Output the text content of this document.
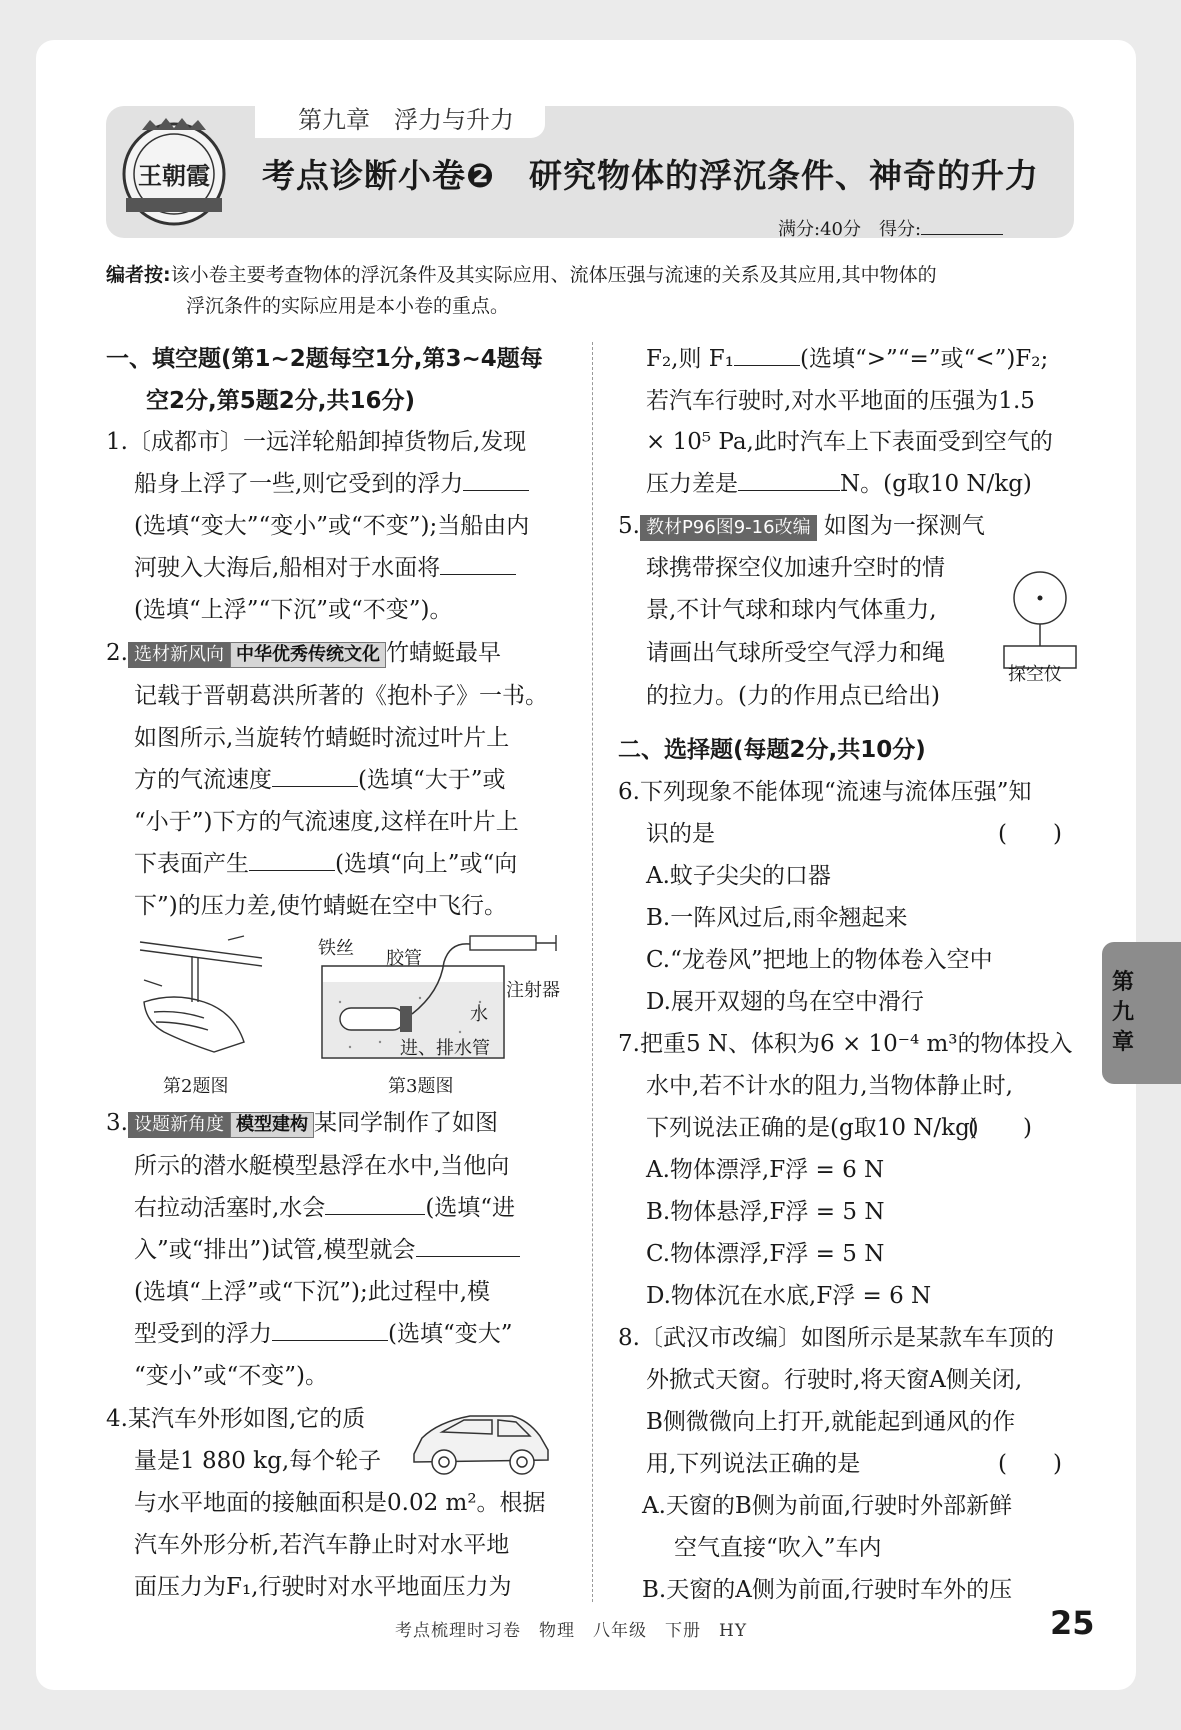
第九章　浮力与升力
王朝霞 考点诊断小卷❷　研究物体的浮沉条件、神奇的升力
满分:40分　得分:
编者按:该小卷主要考查物体的浮沉条件及其实际应用、流体压强与流速的关系及其应用,其中物体的
浮沉条件的实际应用是本小卷的重点。
一、填空题(第1~2题每空1分,第3~4题每
空2分,第5题2分,共16分)
1.〔成都市〕一远洋轮船卸掉货物后,发现
船身上浮了一些,则它受到的浮力
(选填“变大”“变小”或“不变”);当船由内
河驶入大海后,船相对于水面将
(选填“上浮”“下沉”或“不变”)。
2. 选材新风向 中华优秀传统文化 竹蜻蜓最早
记载于晋朝葛洪所著的《抱朴子》一书。
如图所示,当旋转竹蜻蜓时流过叶片上
方的气流速度	(选填“大于”或
“小于”)下方的气流速度,这样在叶片上
下表面产生	(选填“向上”或“向
下”)的压力差,使竹蜻蜓在空中飞行。
第2题图
铁丝 胶管
注射器
水
进、排水管
第3题图
3. 设题新角度 模型建构 某同学制作了如图
所示的潜水艇模型悬浮在水中,当他向
右拉动活塞时,水会	(选填“进
入”或“排出”)试管,模型就会
(选填“上浮”或“下沉”);此过程中,模
型受到的浮力	(选填“变大”
“变小”或“不变”)。
4.某汽车外形如图,它的质
量是1 880 kg,每个轮子
与水平地面的接触面积是0.02 m²。根据
汽车外形分析,若汽车静止时对水平地
面压力为F₁,行驶时对水平地面压力为
F₂,则 F₁	(选填“>”“=”或“<”)F₂;
若汽车行驶时,对水平地面的压强为1.5
× 10⁵ Pa,此时汽车上下表面受到空气的
压力差是	N。(g取10 N/kg)
5. 教材P96图9-16改编 如图为一探测气
球携带探空仪加速升空时的情
景,不计气球和球内气体重力,
请画出气球所受空气浮力和绳
的拉力。(力的作用点已给出)
探空仪
二、选择题(每题2分,共10分)
6.下列现象不能体现“流速与流体压强”知
识的是	(　　)
A.蚊子尖尖的口器
B.一阵风过后,雨伞翘起来
C.“龙卷风”把地上的物体卷入空中
D.展开双翅的鸟在空中滑行
7.把重5 N、体积为6 × 10⁻⁴ m³的物体投入
水中,若不计水的阻力,当物体静止时,
下列说法正确的是(g取10 N/kg)
(　　)
A.物体漂浮,F浮 = 6 N
B.物体悬浮,F浮 = 5 N
C.物体漂浮,F浮 = 5 N
D.物体沉在水底,F浮 = 6 N
8.〔武汉市改编〕如图所示是某款车车顶的
外掀式天窗。行驶时,将天窗A侧关闭,
B侧微微向上打开,就能起到通风的作
用,下列说法正确的是	(　　)
A.天窗的B侧为前面,行驶时外部新鲜
空气直接“吹入”车内
B.天窗的A侧为前面,行驶时车外的压
第九章
考点梳理时习卷　物理　八年级　下册　HY	25
